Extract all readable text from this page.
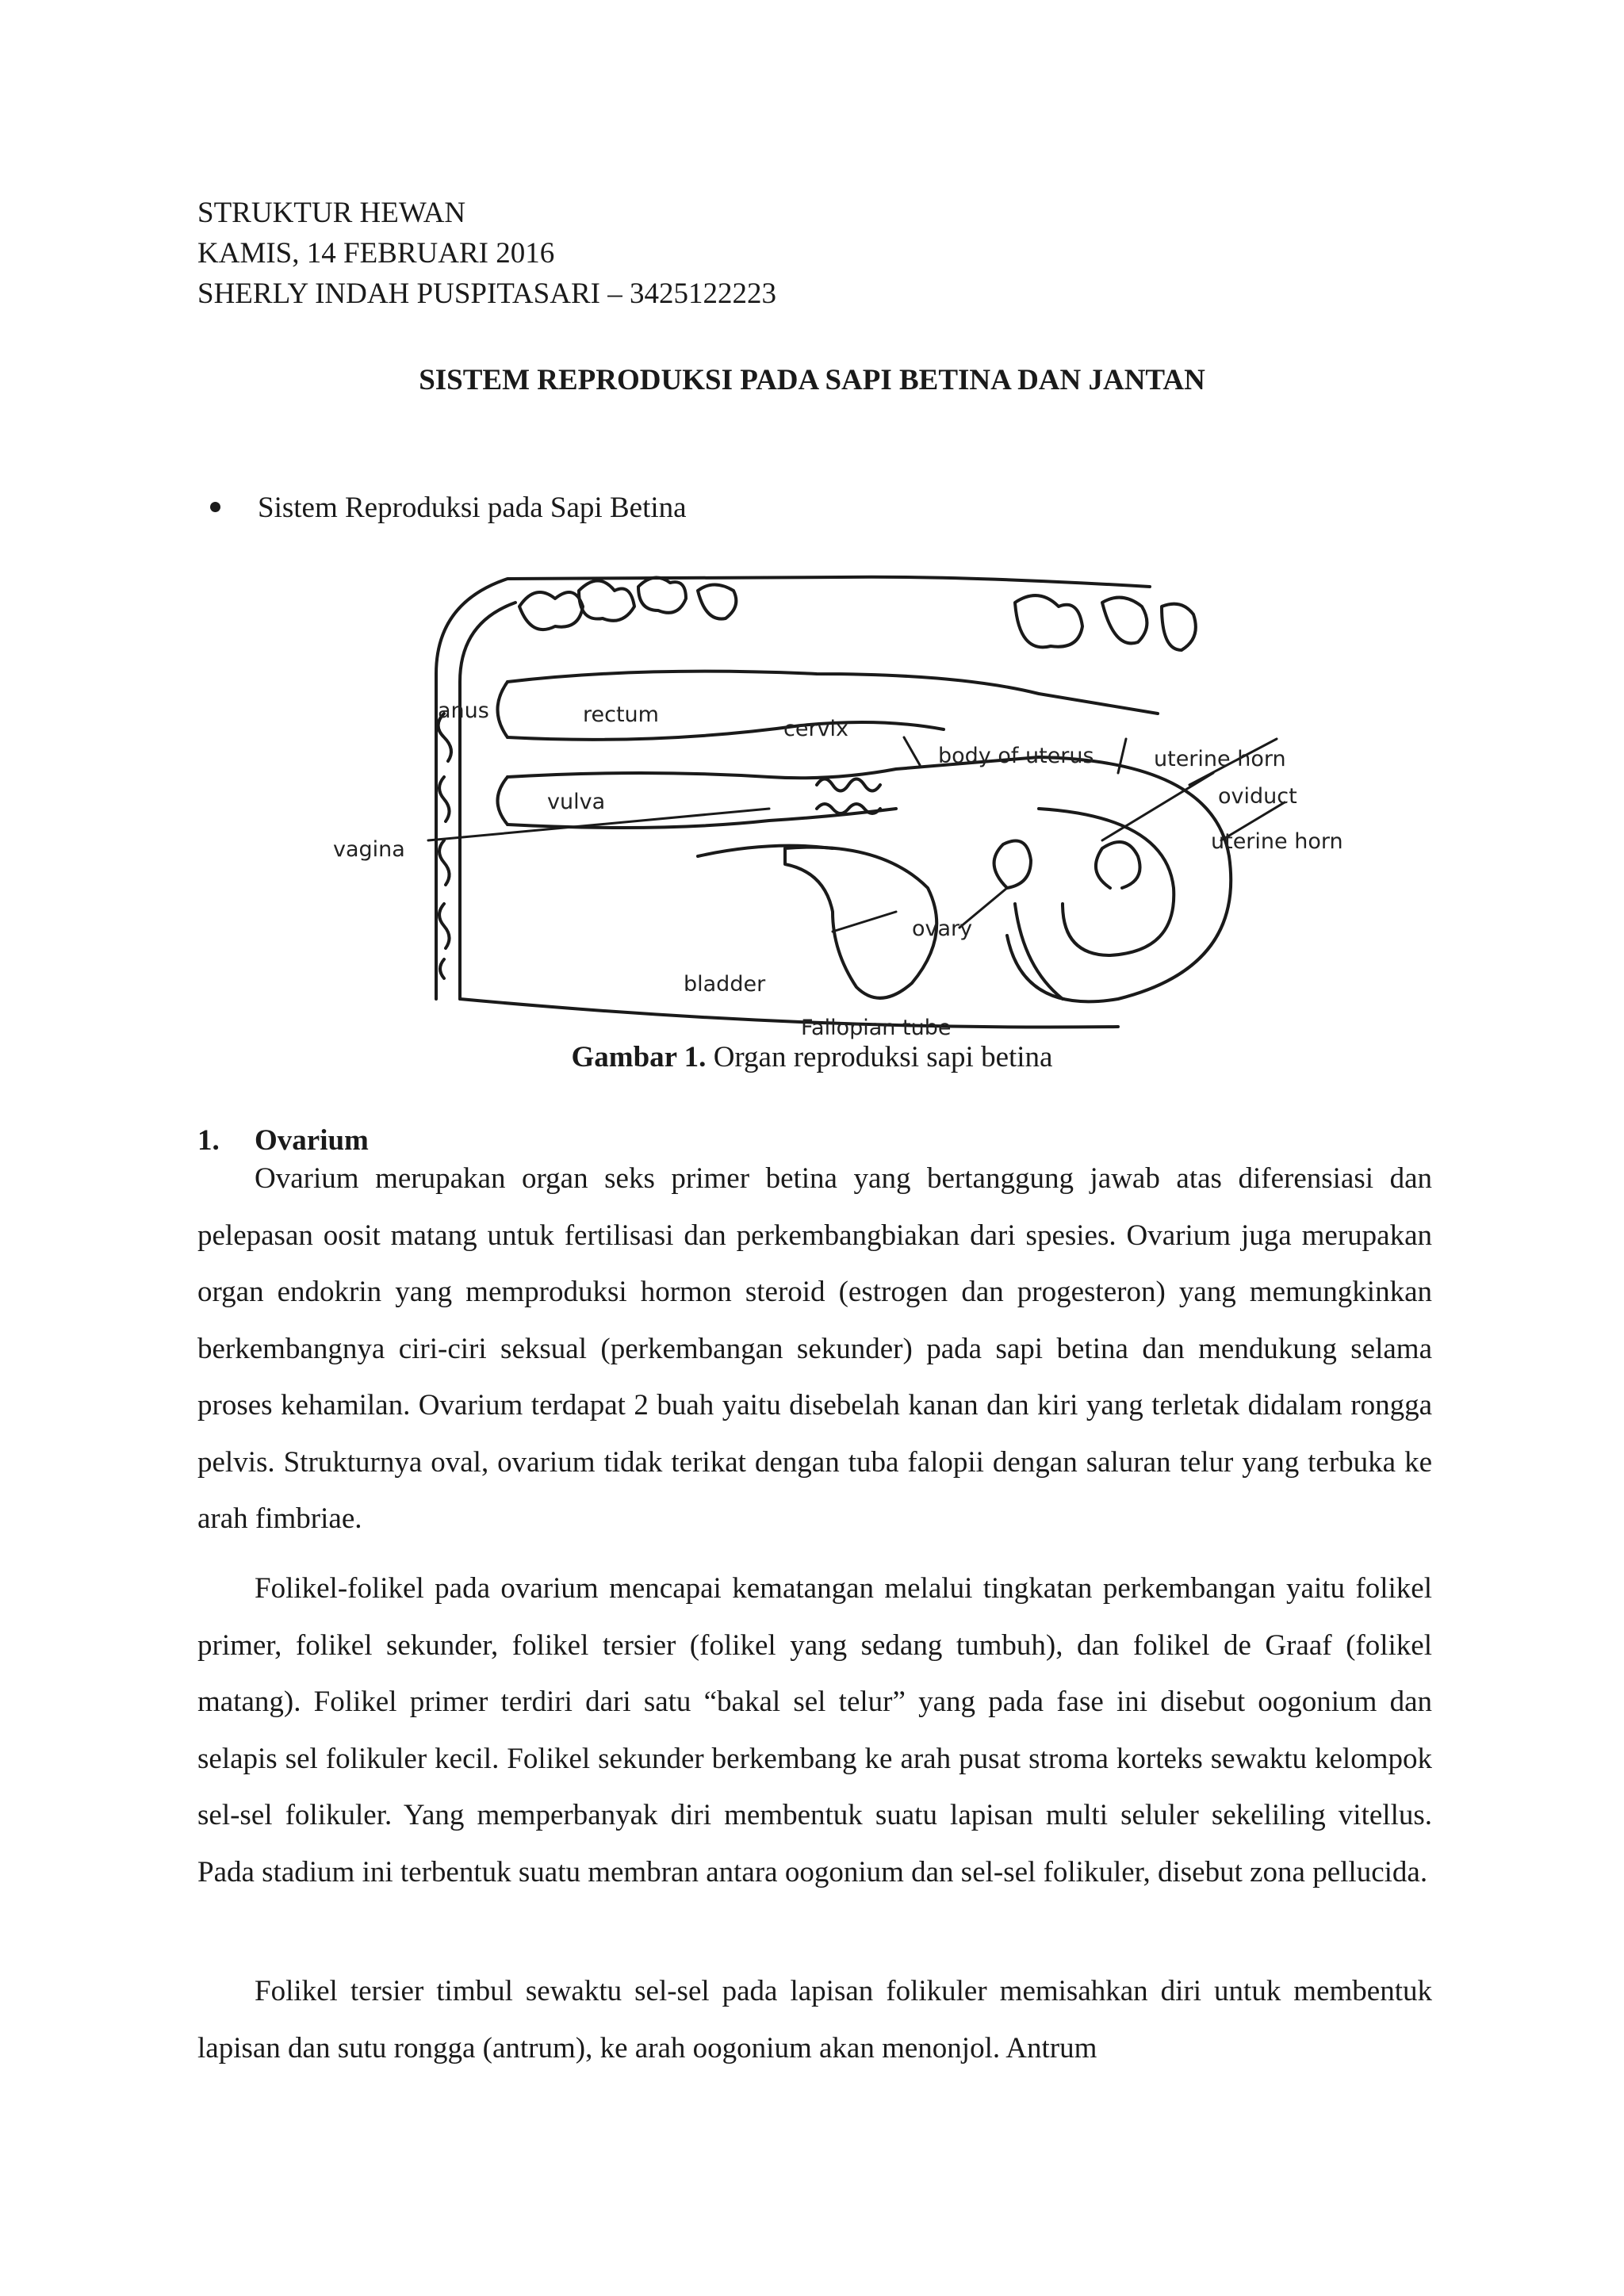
STRUKTUR HEWAN
KAMIS, 14 FEBRUARI 2016
SHERLY INDAH PUSPITASARI – 3425122223
SISTEM REPRODUKSI PADA SAPI BETINA DAN JANTAN
Sistem Reproduksi pada Sapi Betina
anus	rectum
cervix
body of uterus	uterine horn
oviduct
uterine horn
vulva
vagina
ovary
bladder
Fallopian tube
Gambar 1. Organ reproduksi sapi betina
1. Ovarium

Ovarium merupakan organ seks primer betina yang bertanggung jawab atas diferensiasi dan pelepasan oosit matang untuk fertilisasi dan perkembangbiakan dari spesies. Ovarium juga merupakan organ endokrin yang memproduksi hormon steroid (estrogen dan progesteron) yang memungkinkan berkembangnya ciri-ciri seksual (perkembangan sekunder) pada sapi betina dan mendukung selama proses kehamilan. Ovarium terdapat 2 buah yaitu disebelah kanan dan kiri yang terletak didalam rongga pelvis. Strukturnya oval, ovarium tidak terikat dengan tuba falopii dengan saluran telur yang terbuka ke arah fimbriae.

Folikel-folikel pada ovarium mencapai kematangan melalui tingkatan perkembangan yaitu folikel primer, folikel sekunder, folikel tersier (folikel yang sedang tumbuh), dan folikel de Graaf (folikel matang). Folikel primer terdiri dari satu “bakal sel telur” yang pada fase ini disebut oogonium dan selapis sel folikuler kecil. Folikel sekunder berkembang ke arah pusat stroma korteks sewaktu kelompok sel-sel folikuler. Yang memperbanyak diri membentuk suatu lapisan multi seluler sekeliling vitellus. Pada stadium ini terbentuk suatu membran antara oogonium dan sel-sel folikuler, disebut zona pellucida.

Folikel tersier timbul sewaktu sel-sel pada lapisan folikuler memisahkan diri untuk membentuk lapisan dan sutu rongga (antrum), ke arah oogonium akan menonjol. Antrum
